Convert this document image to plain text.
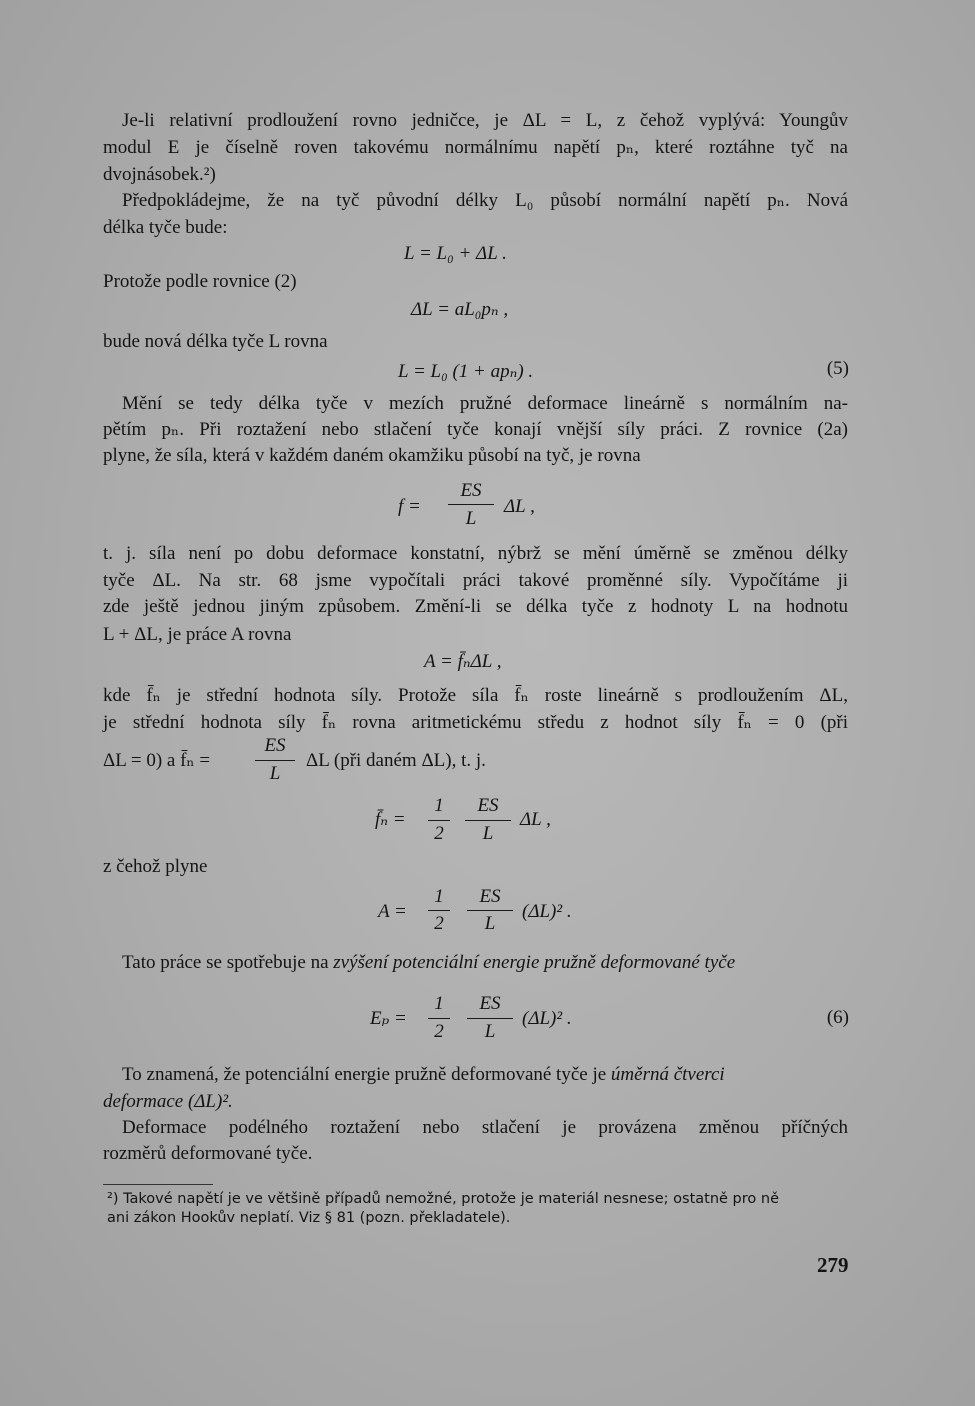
Je-li relativní prodloužení rovno jedničce, je ΔL = L, z čehož vyplývá: Youngův
modul E je číselně roven takovému normálnímu napětí pₙ, které roztáhne tyč na
dvojnásobek.²)
Předpokládejme, že na tyč původní délky L₀ působí normální napětí pₙ. Nová
délka tyče bude:
L = L₀ + ΔL .
Protože podle rovnice (2)
ΔL = aL₀pₙ ,
bude nová délka tyče L rovna
L = L₀ (1 + apₙ) .	(5)
Mění se tedy délka tyče v mezích pružné deformace lineárně s normálním na-
pětím pₙ. Při roztažení nebo stlačení tyče konají vnější síly práci. Z rovnice (2a)
plyne, že síla, která v každém daném okamžiku působí na tyč, je rovna
f =
ES
L
ΔL ,
t. j. síla není po dobu deformace konstatní, nýbrž se mění úměrně se změnou délky
tyče ΔL. Na str. 68 jsme vypočítali práci takové proměnné síly. Vypočítáme ji
zde ještě jednou jiným způsobem. Změní-li se délka tyče z hodnoty L na hodnotu
L + ΔL, je práce A rovna
A = f̄ₙΔL ,
kde f̄ₙ je střední hodnota síly. Protože síla f̄ₙ roste lineárně s prodloužením ΔL,
je střední hodnota síly f̄ₙ rovna aritmetickému středu z hodnot síly f̄ₙ = 0 (při
ΔL = 0) a f̄ₙ =
ES
L
ΔL (při daném ΔL), t. j.
f̄ₙ =
1
2
ES
L
ΔL ,
z čehož plyne
A =
1
2
ES
L
(ΔL)² .
Tato práce se spotřebuje na zvýšení potenciální energie pružně deformované tyče
Eₚ =
1
2
ES
L
(ΔL)² .	(6)
To znamená, že potenciální energie pružně deformované tyče je úměrná čtverci
deformace (ΔL)².
Deformace podélného roztažení nebo stlačení je provázena změnou příčných
rozměrů deformované tyče.
²) Takové napětí je ve většině případů nemožné, protože je materiál nesnese; ostatně pro ně
ani zákon Hookův neplatí. Viz § 81 (pozn. překladatele).
279
